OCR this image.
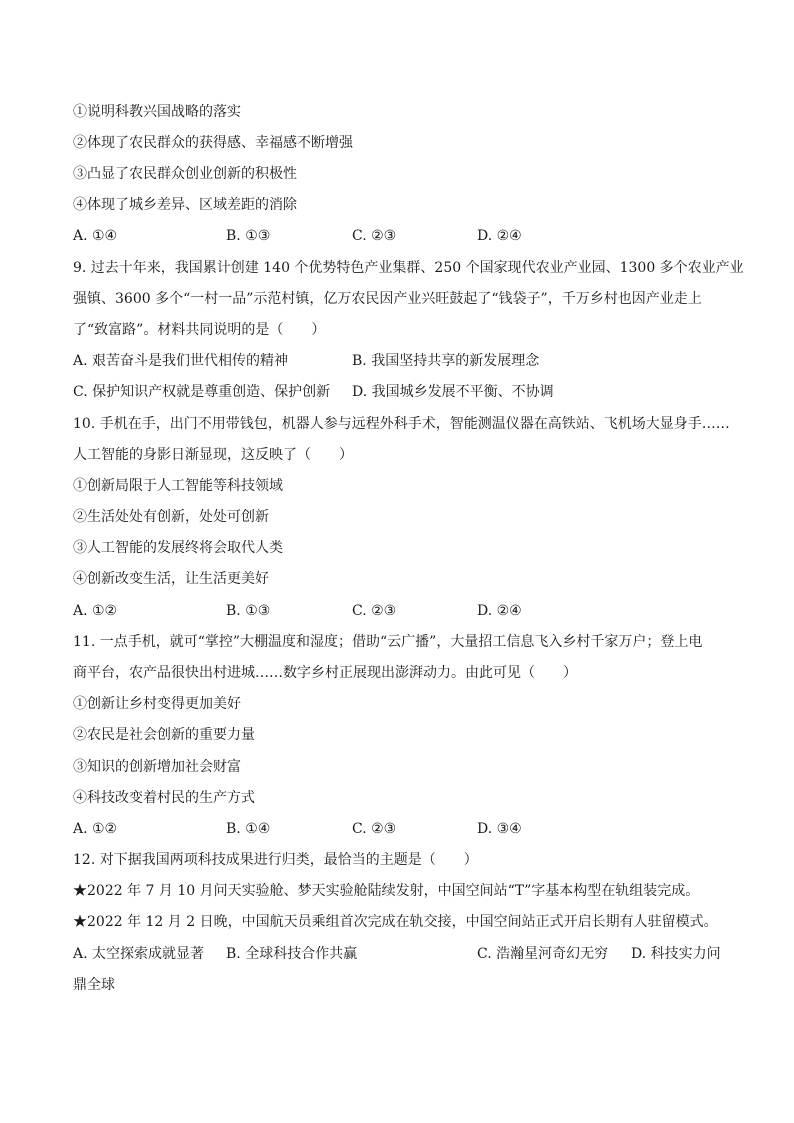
①说明科教兴国战略的落实
②体现了农民群众的获得感、幸福感不断增强
③凸显了农民群众创业创新的积极性
④体现了城乡差异、区域差距的消除
A. ①④	B. ①③	C. ②③	D. ②④
9. 过去十年来，我国累计创建 140 个优势特色产业集群、250 个国家现代农业产业园、1300 多个农业产业
强镇、3600 多个“一村一品”示范村镇，亿万农民因产业兴旺鼓起了“钱袋子”，千万乡村也因产业走上
了“致富路”。材料共同说明的是（　　）
A. 艰苦奋斗是我们世代相传的精神	B. 我国坚持共享的新发展理念
C. 保护知识产权就是尊重创造、保护创新 D. 我国城乡发展不平衡、不协调
10. 手机在手，出门不用带钱包，机器人参与远程外科手术，智能测温仪器在高铁站、飞机场大显身手……
人工智能的身影日渐显现，这反映了（　　）
①创新局限于人工智能等科技领域
②生活处处有创新，处处可创新
③人工智能的发展终将会取代人类
④创新改变生活，让生活更美好
A. ①②	B. ①③	C. ②③	D. ②④
11. 一点手机，就可“掌控”大棚温度和湿度；借助“云广播”，大量招工信息飞入乡村千家万户；登上电
商平台，农产品很快出村进城……数字乡村正展现出澎湃动力。由此可见（　　）
①创新让乡村变得更加美好
②农民是社会创新的重要力量
③知识的创新增加社会财富
④科技改变着村民的生产方式
A. ①②	B. ①④	C. ②③	D. ③④
12. 对下据我国两项科技成果进行归类，最恰当的主题是（　　）
★2022 年 7 月 10 月问天实验舱、梦天实验舱陆续发射，中国空间站“T”字基本构型在轨组装完成。
★2022 年 12 月 2 日晚，中国航天员乘组首次完成在轨交接，中国空间站正式开启长期有人驻留模式。
A. 太空探索成就显著 B. 全球科技合作共赢	C. 浩瀚星河奇幻无穷 D. 科技实力问
鼎全球
